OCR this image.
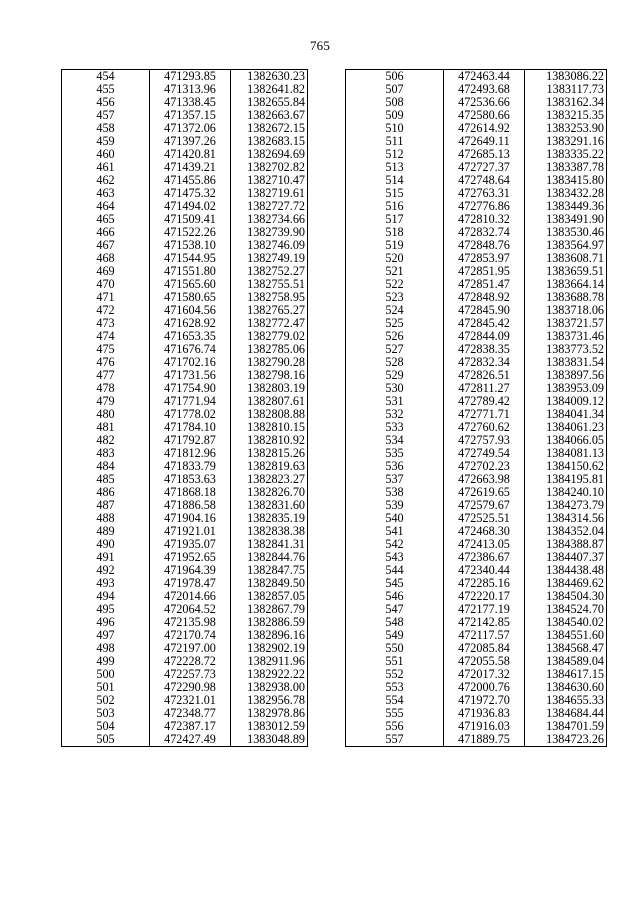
765
454	471293.85	1382630.23
455	471313.96	1382641.82
456	471338.45	1382655.84
457	471357.15	1382663.67
458	471372.06	1382672.15
459	471397.26	1382683.15
460	471420.81	1382694.69
461	471439.21	1382702.82
462	471455.86	1382710.47
463	471475.32	1382719.61
464	471494.02	1382727.72
465	471509.41	1382734.66
466	471522.26	1382739.90
467	471538.10	1382746.09
468	471544.95	1382749.19
469	471551.80	1382752.27
470	471565.60	1382755.51
471	471580.65	1382758.95
472	471604.56	1382765.27
473	471628.92	1382772.47
474	471653.35	1382779.02
475	471676.74	1382785.06
476	471702.16	1382790.28
477	471731.56	1382798.16
478	471754.90	1382803.19
479	471771.94	1382807.61
480	471778.02	1382808.88
481	471784.10	1382810.15
482	471792.87	1382810.92
483	471812.96	1382815.26
484	471833.79	1382819.63
485	471853.63	1382823.27
486	471868.18	1382826.70
487	471886.58	1382831.60
488	471904.16	1382835.19
489	471921.01	1382838.38
490	471935.07	1382841.31
491	471952.65	1382844.76
492	471964.39	1382847.75
493	471978.47	1382849.50
494	472014.66	1382857.05
495	472064.52	1382867.79
496	472135.98	1382886.59
497	472170.74	1382896.16
498	472197.00	1382902.19
499	472228.72	1382911.96
500	472257.73	1382922.22
501	472290.98	1382938.00
502	472321.01	1382956.78
503	472348.77	1382978.86
504	472387.17	1383012.59
505	472427.49	1383048.89
506	472463.44	1383086.22
507	472493.68	1383117.73
508	472536.66	1383162.34
509	472580.66	1383215.35
510	472614.92	1383253.90
511	472649.11	1383291.16
512	472685.13	1383335.22
513	472727.37	1383387.78
514	472748.64	1383415.80
515	472763.31	1383432.28
516	472776.86	1383449.36
517	472810.32	1383491.90
518	472832.74	1383530.46
519	472848.76	1383564.97
520	472853.97	1383608.71
521	472851.95	1383659.51
522	472851.47	1383664.14
523	472848.92	1383688.78
524	472845.90	1383718.06
525	472845.42	1383721.57
526	472844.09	1383731.46
527	472838.35	1383773.52
528	472832.34	1383831.54
529	472826.51	1383897.56
530	472811.27	1383953.09
531	472789.42	1384009.12
532	472771.71	1384041.34
533	472760.62	1384061.23
534	472757.93	1384066.05
535	472749.54	1384081.13
536	472702.23	1384150.62
537	472663.98	1384195.81
538	472619.65	1384240.10
539	472579.67	1384273.79
540	472525.51	1384314.56
541	472468.30	1384352.04
542	472413.05	1384388.87
543	472386.67	1384407.37
544	472340.44	1384438.48
545	472285.16	1384469.62
546	472220.17	1384504.30
547	472177.19	1384524.70
548	472142.85	1384540.02
549	472117.57	1384551.60
550	472085.84	1384568.47
551	472055.58	1384589.04
552	472017.32	1384617.15
553	472000.76	1384630.60
554	471972.70	1384655.33
555	471936.83	1384684.44
556	471916.03	1384701.59
557	471889.75	1384723.26
